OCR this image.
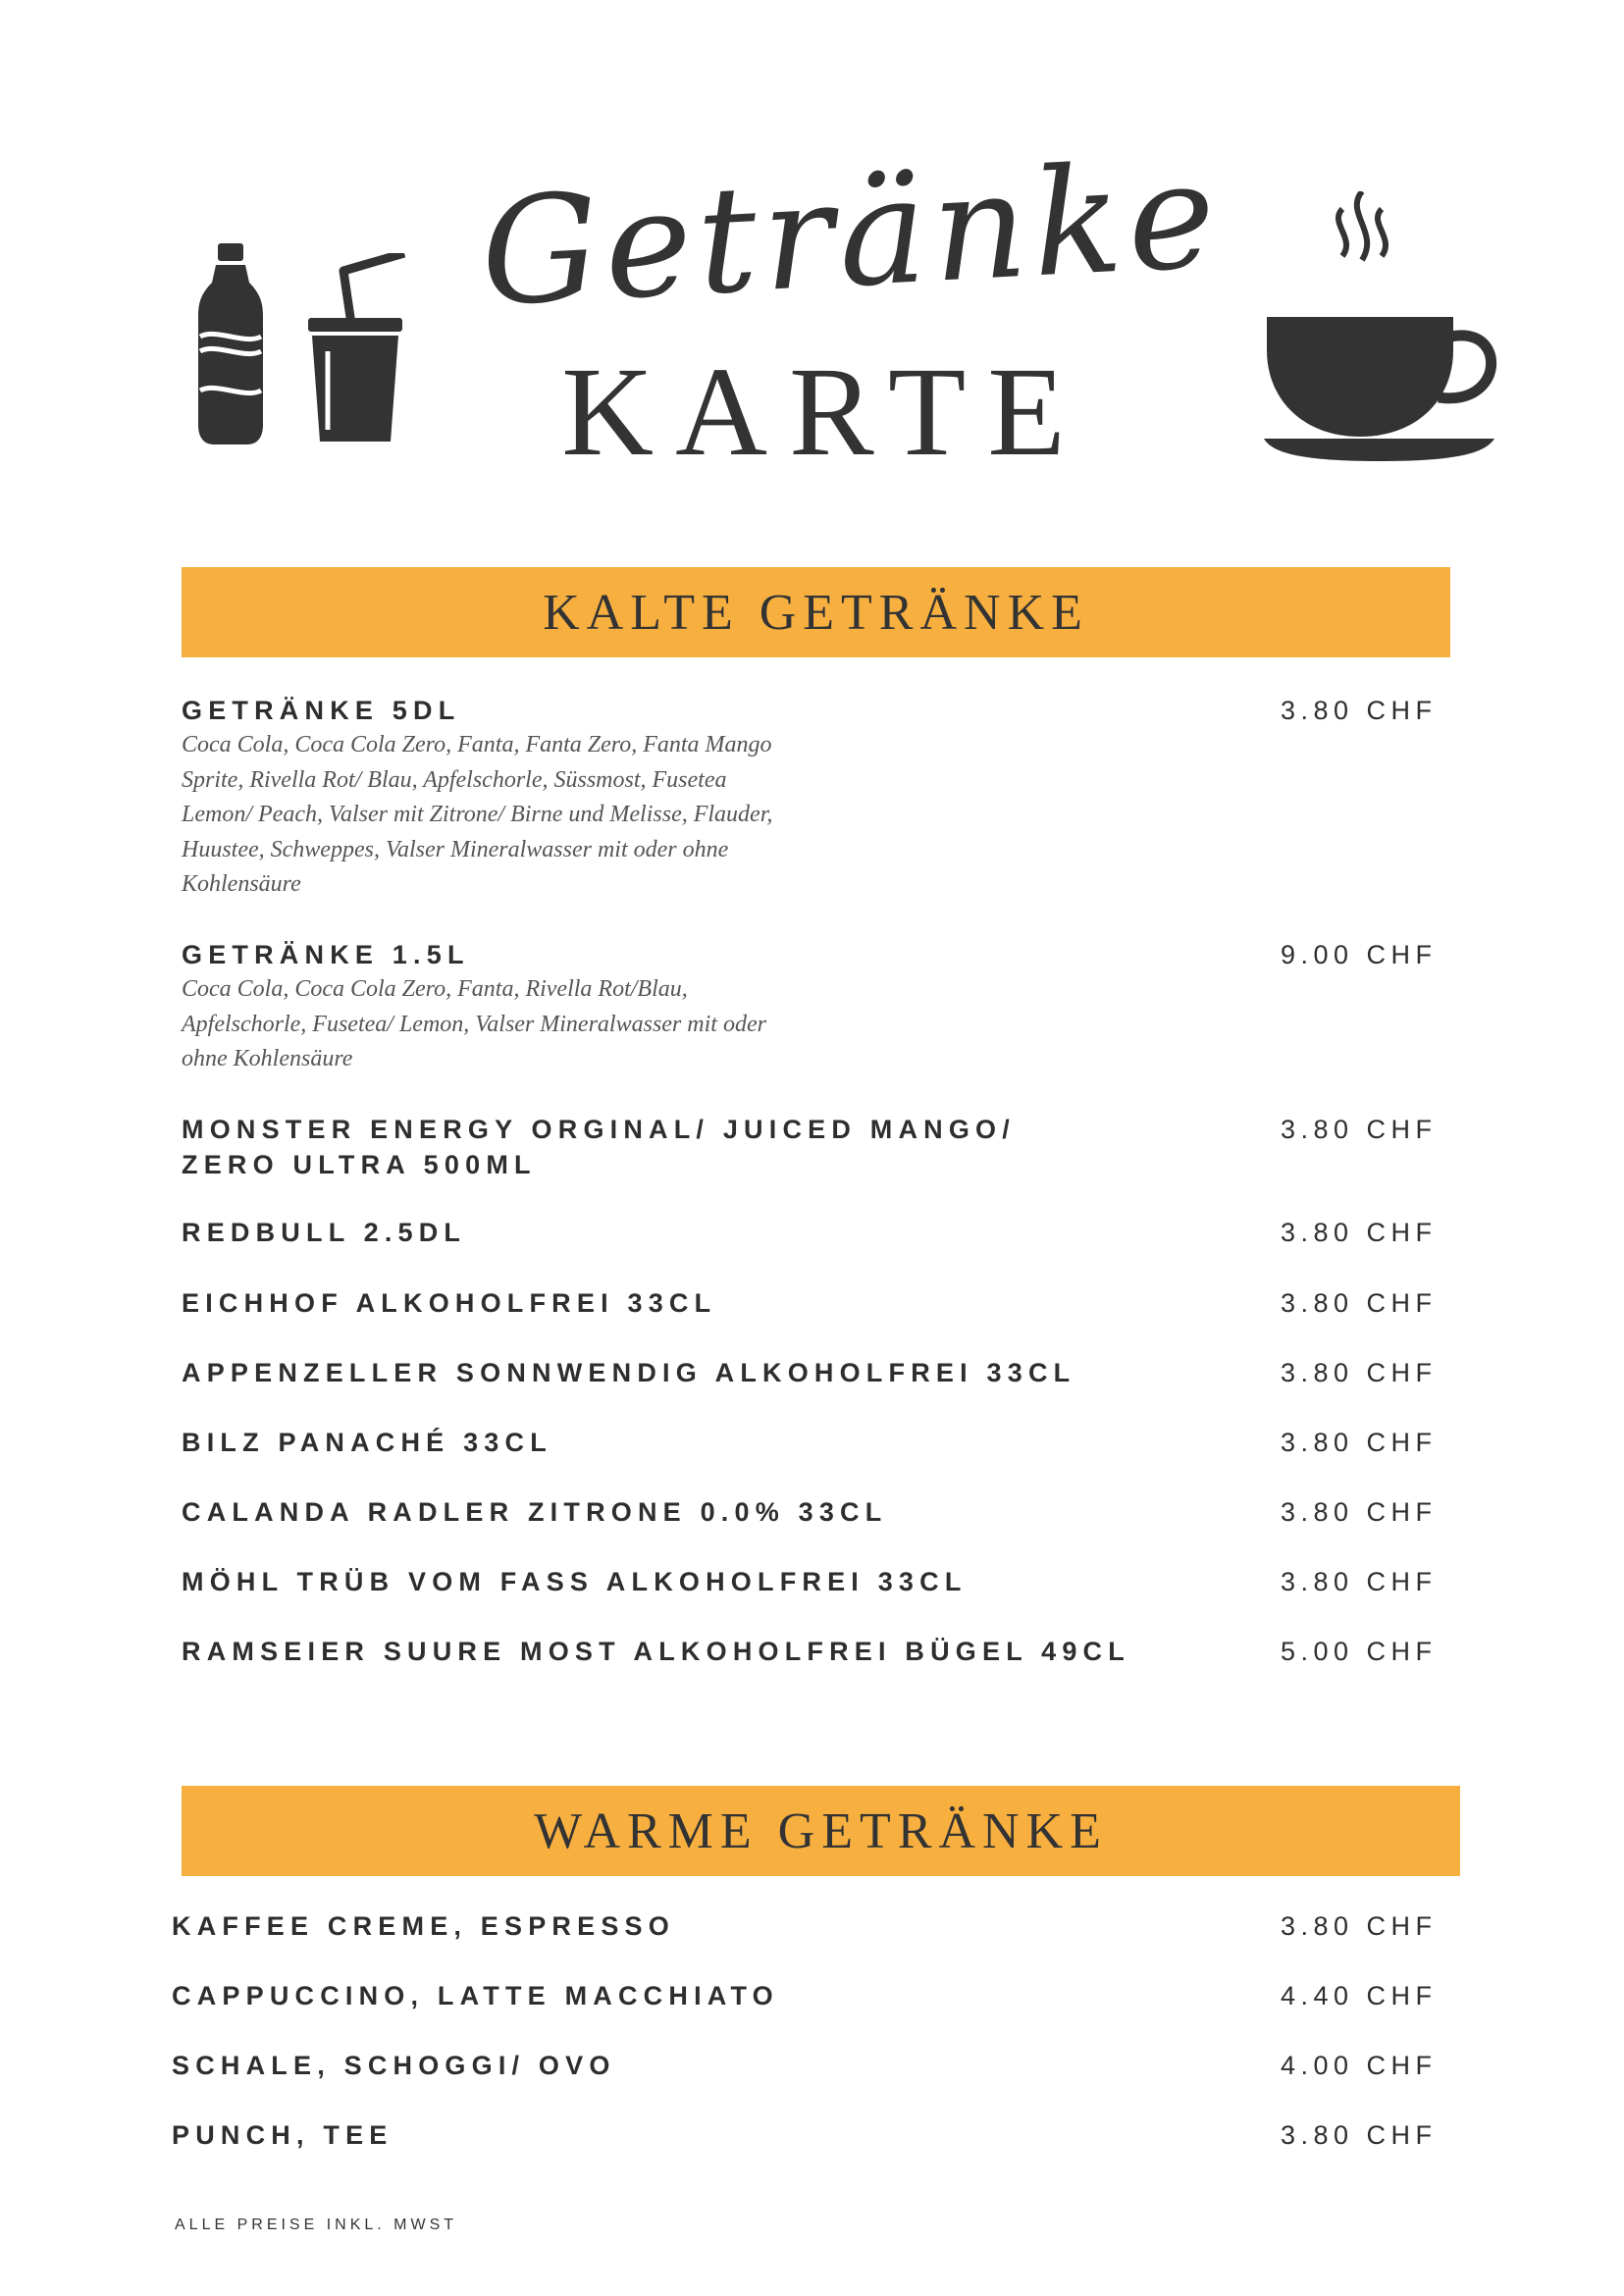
Getränke
KARTE
KALTE GETRÄNKE
GETRÄNKE 5DL
Coca Cola, Coca Cola Zero, Fanta, Fanta Zero, Fanta Mango
Sprite, Rivella Rot/ Blau, Apfelschorle, Süssmost, Fusetea
Lemon/ Peach, Valser mit Zitrone/ Birne und Melisse, Flauder,
Huustee, Schweppes, Valser Mineralwasser mit oder ohne
Kohlensäure
3.80 CHF
GETRÄNKE 1.5L
Coca Cola, Coca Cola Zero, Fanta, Rivella Rot/Blau,
Apfelschorle, Fusetea/ Lemon, Valser Mineralwasser mit oder
ohne Kohlensäure
9.00 CHF
MONSTER ENERGY ORGINAL/ JUICED MANGO/
ZERO ULTRA 500ML
3.80 CHF
REDBULL 2.5DL	3.80 CHF
EICHHOF ALKOHOLFREI 33CL	3.80 CHF
APPENZELLER SONNWENDIG ALKOHOLFREI 33CL	3.80 CHF
BILZ PANACHÉ 33CL	3.80 CHF
CALANDA RADLER ZITRONE 0.0% 33CL	3.80 CHF
MÖHL TRÜB VOM FASS ALKOHOLFREI 33CL	3.80 CHF
RAMSEIER SUURE MOST ALKOHOLFREI BÜGEL 49CL	5.00 CHF
WARME GETRÄNKE
KAFFEE CREME, ESPRESSO	3.80 CHF
CAPPUCCINO, LATTE MACCHIATO	4.40 CHF
SCHALE, SCHOGGI/ OVO	4.00 CHF
PUNCH, TEE	3.80 CHF
ALLE PREISE INKL. MWST
